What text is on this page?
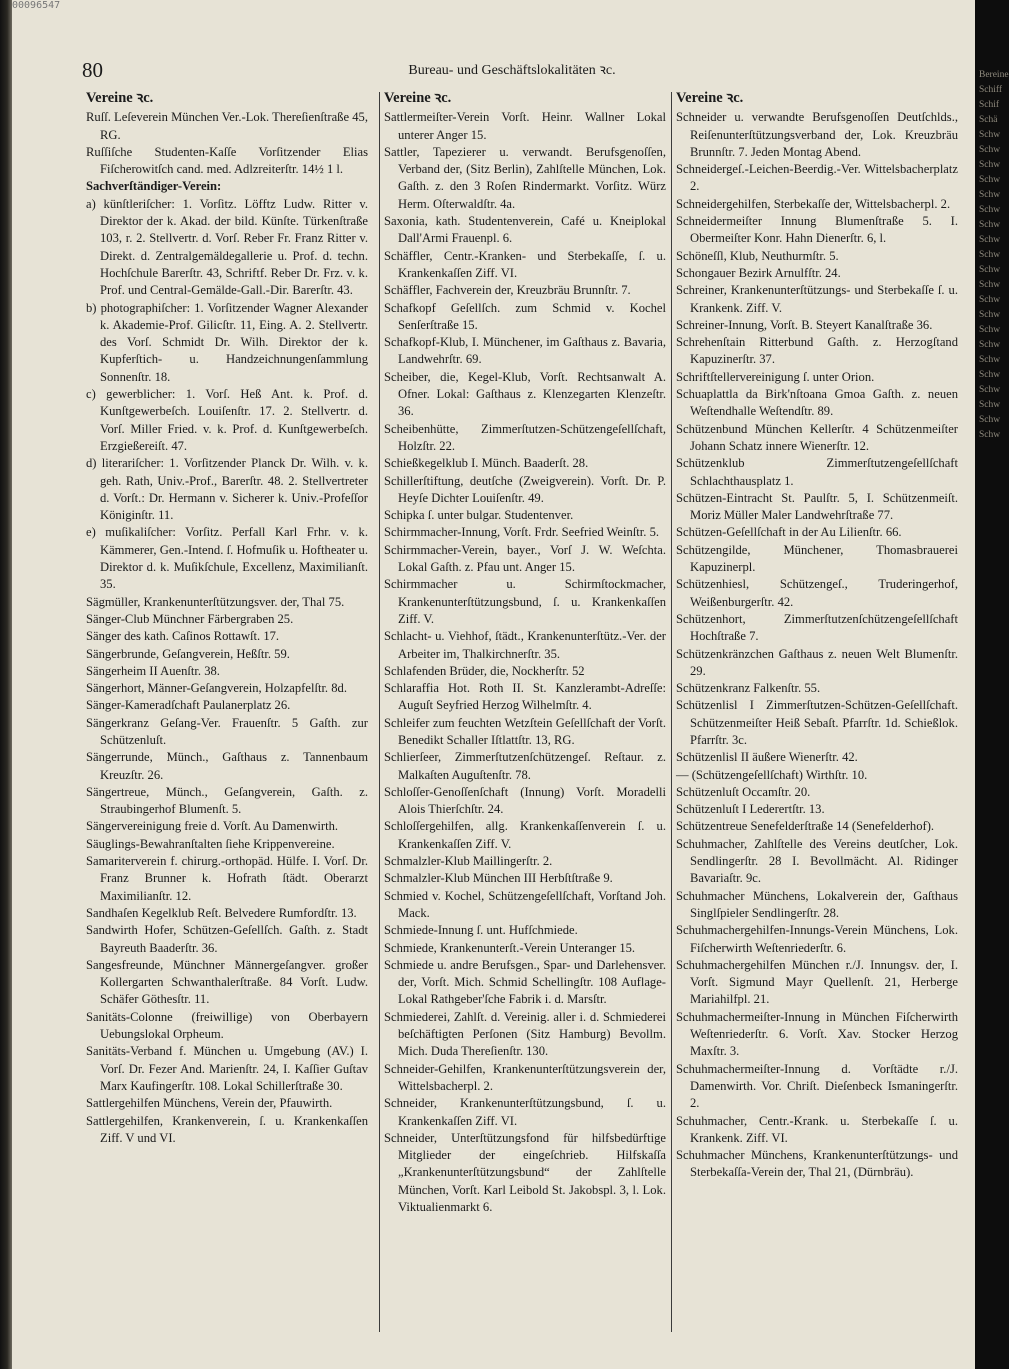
00096547
80	Bureau- und Geschäftslokalitäten ꝛc.
Vereine ꝛc.

Ruſſ. Leſeverein München Ver.-Lok. Thereſienſtraße 45, RG.

Ruſſiſche Studenten-Kaſſe Vorſitzender Elias Fiſcherowitſch cand. med. Adlzreiterſtr. 14½ 1 l.

Sachverſtändiger-Verein:

a) künſtleriſcher: 1. Vorſitz. Löfftz Ludw. Ritter v. Direktor der k. Akad. der bild. Künſte. Türkenſtraße 103, r. 2. Stellvertr. d. Vorſ. Reber Fr. Franz Ritter v. Direkt. d. Zentralgemäldegallerie u. Prof. d. techn. Hochſchule Barerſtr. 43, Schriftf. Reber Dr. Frz. v. k. Prof. und Central-Gemälde-Gall.-Dir. Barerſtr. 43.

b) photographiſcher: 1. Vorſitzender Wagner Alexander k. Akademie-Prof. Gilicſtr. 11, Eing. A. 2. Stellvertr. des Vorſ. Schmidt Dr. Wilh. Direktor der k. Kupferſtich- u. Handzeichnungenſammlung Sonnenſtr. 18.

c) gewerblicher: 1. Vorſ. Heß Ant. k. Prof. d. Kunſtgewerbeſch. Louiſenſtr. 17. 2. Stellvertr. d. Vorſ. Miller Fried. v. k. Prof. d. Kunſtgewerbeſch. Erzgießereiſt. 47.

d) literariſcher: 1. Vorſitzender Planck Dr. Wilh. v. k. geh. Rath, Univ.-Prof., Barerſtr. 48. 2. Stellvertreter d. Vorſt.: Dr. Hermann v. Sicherer k. Univ.-Profeſſor Königinſtr. 11.

e) muſikaliſcher: Vorſitz. Perfall Karl Frhr. v. k. Kämmerer, Gen.-Intend. ſ. Hofmuſik u. Hoftheater u. Direktor d. k. Muſikſchule, Excellenz, Maximilianſt. 35.

Sägmüller, Krankenunterſtützungsver. der, Thal 75.

Sänger-Club Münchner Färbergraben 25.

Sänger des kath. Caſinos Rottawſt. 17.

Sängerbrunde, Geſangverein, Heßſtr. 59.

Sängerheim II Auenſtr. 38.

Sängerhort, Männer-Geſangverein, Holzapfelſtr. 8d.

Sänger-Kameradſchaft Paulanerplatz 26.

Sängerkranz Geſang-Ver. Frauenſtr. 5 Gaſth. zur Schützenluſt.

Sängerrunde, Münch., Gaſthaus z. Tannenbaum Kreuzſtr. 26.

Sängertreue, Münch., Geſangverein, Gaſth. z. Straubingerhof Blumenſt. 5.

Sängervereinigung freie d. Vorſt. Au Damenwirth.

Säuglings-Bewahranſtalten ſiehe Krippenvereine.

Samariterverein f. chirurg.-orthopäd. Hülfe. I. Vorſ. Dr. Franz Brunner k. Hofrath ſtädt. Oberarzt Maximilianſtr. 12.

Sandhaſen Kegelklub Reſt. Belvedere Rumfordſtr. 13.

Sandwirth Hofer, Schützen-Geſellſch. Gaſth. z. Stadt Bayreuth Baaderſtr. 36.

Sangesfreunde, Münchner Männergeſangver. großer Kollergarten Schwanthalerſtraße. 84 Vorſt. Ludw. Schäfer Göthesſtr. 11.

Sanitäts-Colonne (freiwillige) von Oberbayern Uebungslokal Orpheum.

Sanitäts-Verband f. München u. Umgebung (AV.) I. Vorſ. Dr. Fezer And. Marienſtr. 24, I. Kaſſier Guſtav Marx Kaufingerſtr. 108. Lokal Schillerſtraße 30.

Sattlergehilfen Münchens, Verein der, Pfauwirth.

Sattlergehilfen, Krankenverein, ſ. u. Krankenkaſſen Ziff. V und VI.

Vereine ꝛc.

Sattlermeiſter-Verein Vorſt. Heinr. Wallner Lokal unterer Anger 15.

Sattler, Tapezierer u. verwandt. Berufsgenoſſen, Verband der, (Sitz Berlin), Zahlſtelle München, Lok. Gaſth. z. den 3 Roſen Rindermarkt. Vorſitz. Würz Herm. Oſterwaldſtr. 4a.

Saxonia, kath. Studentenverein, Café u. Kneiplokal Dall'Armi Frauenpl. 6.

Schäffler, Centr.-Kranken- und Sterbekaſſe, ſ. u. Krankenkaſſen Ziff. VI.

Schäffler, Fachverein der, Kreuzbräu Brunnſtr. 7.

Schafkopf Geſellſch. zum Schmid v. Kochel Senſerſtraße 15.

Schafkopf-Klub, I. Münchener, im Gaſthaus z. Bavaria, Landwehrſtr. 69.

Scheiber, die, Kegel-Klub, Vorſt. Rechtsanwalt A. Ofner. Lokal: Gaſthaus z. Klenzegarten Klenzeſtr. 36.

Scheibenhütte, Zimmerſtutzen-Schützengeſellſchaft, Holzſtr. 22.

Schießkegelklub I. Münch. Baaderſt. 28.

Schillerſtiftung, deutſche (Zweigverein). Vorſt. Dr. P. Heyſe Dichter Louiſenſtr. 49.

Schipka ſ. unter bulgar. Studentenver.

Schirmmacher-Innung, Vorſt. Frdr. Seefried Weinſtr. 5.

Schirmmacher-Verein, bayer., Vorſ J. W. Weſchta. Lokal Gaſth. z. Pfau unt. Anger 15.

Schirmmacher u. Schirmſtockmacher, Krankenunterſtützungsbund, ſ. u. Krankenkaſſen Ziff. V.

Schlacht- u. Viehhof, ſtädt., Krankenunterſtütz.-Ver. der Arbeiter im, Thalkirchnerſtr. 35.

Schlafenden Brüder, die, Nockherſtr. 52

Schlaraffia Hot. Roth II. St. Kanzlerambt-Adreſſe: Auguſt Seyfried Herzog Wilhelmſtr. 4.

Schleifer zum feuchten Wetzſtein Geſellſchaft der Vorſt. Benedikt Schaller Iſtlattſtr. 13, RG.

Schlierſeer, Zimmerſtutzenſchützengeſ. Reſtaur. z. Malkaſten Auguſtenſtr. 78.

Schloſſer-Genoſſenſchaft (Innung) Vorſt. Moradelli Alois Thierſchſtr. 24.

Schloſſergehilfen, allg. Krankenkaſſenverein ſ. u. Krankenkaſſen Ziff. V.

Schmalzler-Klub Maillingerſtr. 2.

Schmalzler-Klub München III Herbſtſtraße 9.

Schmied v. Kochel, Schützengeſellſchaft, Vorſtand Joh. Mack.

Schmiede-Innung ſ. unt. Hufſchmiede.

Schmiede, Krankenunterſt.-Verein Unteranger 15.

Schmiede u. andre Berufsgen., Spar- und Darlehensver. der, Vorſt. Mich. Schmid Schellingſtr. 108 Auflage-Lokal Rathgeber'ſche Fabrik i. d. Marsſtr.

Schmiederei, Zahlſt. d. Vereinig. aller i. d. Schmiederei beſchäftigten Perſonen (Sitz Hamburg) Bevollm. Mich. Duda Thereſienſtr. 130.

Schneider-Gehilfen, Krankenunterſtützungsverein der, Wittelsbacherpl. 2.

Schneider, Krankenunterſtützungsbund, ſ. u. Krankenkaſſen Ziff. VI.

Schneider, Unterſtützungsfond für hilfsbedürftige Mitglieder der eingeſchrieb. Hilfskaſſa „Krankenunterſtützungsbund“ der Zahlſtelle München, Vorſt. Karl Leibold St. Jakobspl. 3, l. Lok. Viktualienmarkt 6.

Vereine ꝛc.

Schneider u. verwandte Berufsgenoſſen Deutſchlds., Reiſenunterſtützungsverband der, Lok. Kreuzbräu Brunnſtr. 7. Jeden Montag Abend.

Schneidergeſ.-Leichen-Beerdig.-Ver. Wittelsbacherplatz 2.

Schneidergehilfen, Sterbekaſſe der, Wittelsbacherpl. 2.

Schneidermeiſter Innung Blumenſtraße 5. I. Obermeiſter Konr. Hahn Dienerſtr. 6, l.

Schöneſſl, Klub, Neuthurmſtr. 5.

Schongauer Bezirk Arnulfſtr. 24.

Schreiner, Krankenunterſtützungs- und Sterbekaſſe ſ. u. Krankenk. Ziff. V.

Schreiner-Innung, Vorſt. B. Steyert Kanalſtraße 36.

Schrehenſtain Ritterbund Gaſth. z. Herzogſtand Kapuzinerſtr. 37.

Schriftſtellervereinigung ſ. unter Orion.

Schuaplattla da Birk'nſtoana Gmoa Gaſth. z. neuen Weſtendhalle Weſtendſtr. 89.

Schützenbund München Kellerſtr. 4 Schützenmeiſter Johann Schatz innere Wienerſtr. 12.

Schützenklub Zimmerſtutzengeſellſchaft Schlachthausplatz 1.

Schützen-Eintracht St. Paulſtr. 5, I. Schützenmeiſt. Moriz Müller Maler Landwehrſtraße 77.

Schützen-Geſellſchaft in der Au Lilienſtr. 66.

Schützengilde, Münchener, Thomasbrauerei Kapuzinerpl.

Schützenhiesl, Schützengeſ., Truderingerhof, Weißenburgerſtr. 42.

Schützenhort, Zimmerſtutzenſchützengeſellſchaft Hochſtraße 7.

Schützenkränzchen Gaſthaus z. neuen Welt Blumenſtr. 29.

Schützenkranz Falkenſtr. 55.

Schützenlisl I Zimmerſtutzen-Schützen-Geſellſchaft. Schützenmeiſter Heiß Sebaſt. Pfarrſtr. 1d. Schießlok. Pfarrſtr. 3c.

Schützenlisl II äußere Wienerſtr. 42.

— (Schützengeſellſchaft) Wirthſtr. 10.

Schützenluſt Occamſtr. 20.

Schützenluſt I Lederertſtr. 13.

Schützentreue Senefelderſtraße 14 (Senefelderhof).

Schuhmacher, Zahlſtelle des Vereins deutſcher, Lok. Sendlingerſtr. 28 I. Bevollmächt. Al. Ridinger Bavariaſtr. 9c.

Schuhmacher Münchens, Lokalverein der, Gaſthaus Singlſpieler Sendlingerſtr. 28.

Schuhmachergehilfen-Innungs-Verein Münchens, Lok. Fiſcherwirth Weſtenriederſtr. 6.

Schuhmachergehilfen München r./J. Innungsv. der, I. Vorſt. Sigmund Mayr Quellenſt. 21, Herberge Mariahilfpl. 21.

Schuhmachermeiſter-Innung in München Fiſcherwirth Weſtenriederſtr. 6. Vorſt. Xav. Stocker Herzog Maxſtr. 3.

Schuhmachermeiſter-Innung d. Vorſtädte r./J. Damenwirth. Vor. Chriſt. Dieſenbeck Ismaningerſtr. 2.

Schuhmacher, Centr.-Krank. u. Sterbekaſſe ſ. u. Krankenk. Ziff. VI.

Schuhmacher Münchens, Krankenunterſtützungs- und Sterbekaſſa-Verein der, Thal 21, (Dürnbräu).

Bereine
Schiff
Schif
Schä
Schw
Schw
Schw
Schw
Schw
Schw
Schw
Schw
Schw
Schw
Schw
Schw
Schw
Schw
Schw
Schw
Schw
Schw
Schw
Schw
Schw
